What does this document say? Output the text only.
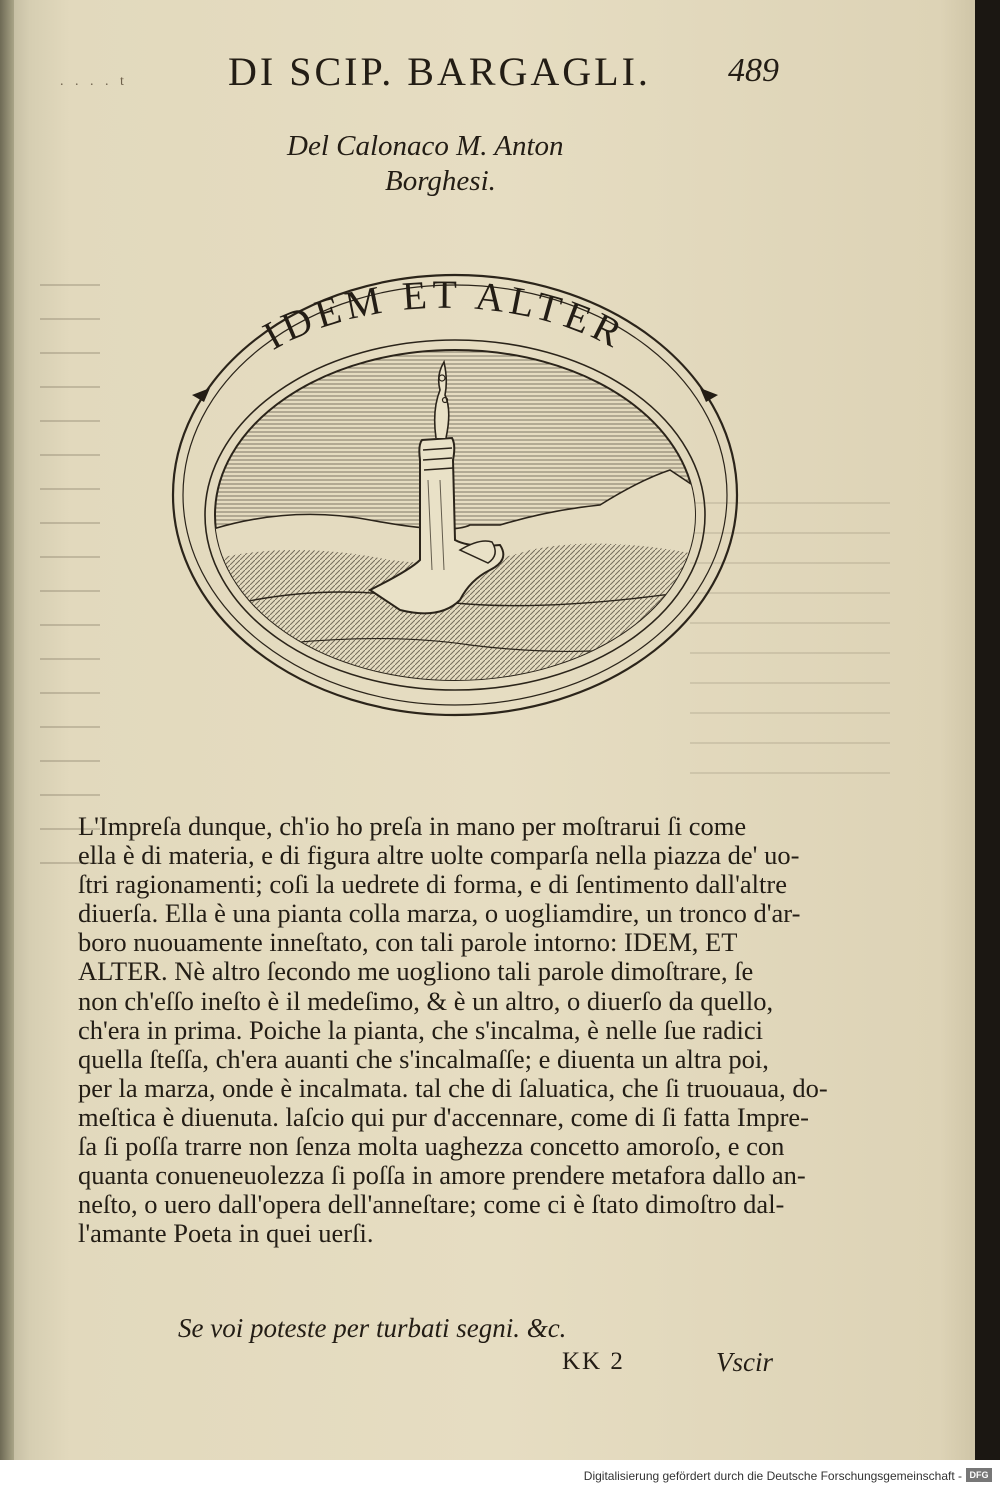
. . . . t	DI SCIP. BARGAGLI. 489
Del Calonaco M. Anton
Borghesi.
IDEM ET ALTER
L'Impreſa dunque, ch'io ho preſa in mano per moſtrarui ſi come
ella è di materia, e di figura altre uolte comparſa nella piazza de' uo-
ſtri ragionamenti; coſi la uedrete di forma, e di ſentimento dall'altre
diuerſa. Ella è una pianta colla marza, o uogliamdire, un tronco d'ar-
boro nuouamente inneſtato, con tali parole intorno: IDEM, ET
ALTER. Nè altro ſecondo me uogliono tali parole dimoſtrare, ſe
non ch'eſſo ineſto è il medeſimo, & è un altro, o diuerſo da quello,
ch'era in prima. Poiche la pianta, che s'incalma, è nelle ſue radici
quella ſteſſa, ch'era auanti che s'incalmaſſe; e diuenta un altra poi,
per la marza, onde è incalmata. tal che di ſaluatica, che ſi truouaua, do-
meſtica è diuenuta. laſcio qui pur d'accennare, come di ſi fatta Impre-
ſa ſi poſſa trarre non ſenza molta uaghezza concetto amoroſo, e con
quanta conueneuolezza ſi poſſa in amore prendere metafora dallo an-
neſto, o uero dall'opera dell'anneſtare; come ci è ſtato dimoſtro dal-
l'amante Poeta in quei uerſi.
Se voi poteste per turbati segni. &c.
KK 2	Vscir
Digitalisierung gefördert durch die Deutsche Forschungsgemeinschaft - DFG
